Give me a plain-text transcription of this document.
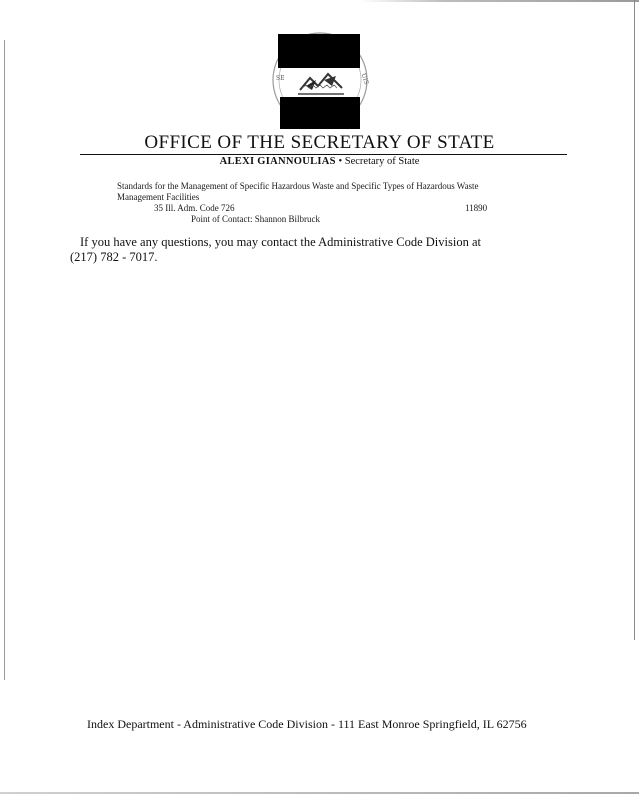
SE	UIS
OFFICE OF THE SECRETARY OF STATE
ALEXI GIANNOULIAS • Secretary of State
Standards for the Management of Specific Hazardous Waste and Specific Types of Hazardous Waste
Management Facilities
35 Ill. Adm. Code 726	11890
Point of Contact: Shannon Bilbruck
If you have any questions, you may contact the Administrative Code Division at
(217) 782 - 7017.
Index Department - Administrative Code Division - 111 East Monroe Springfield, IL 62756
